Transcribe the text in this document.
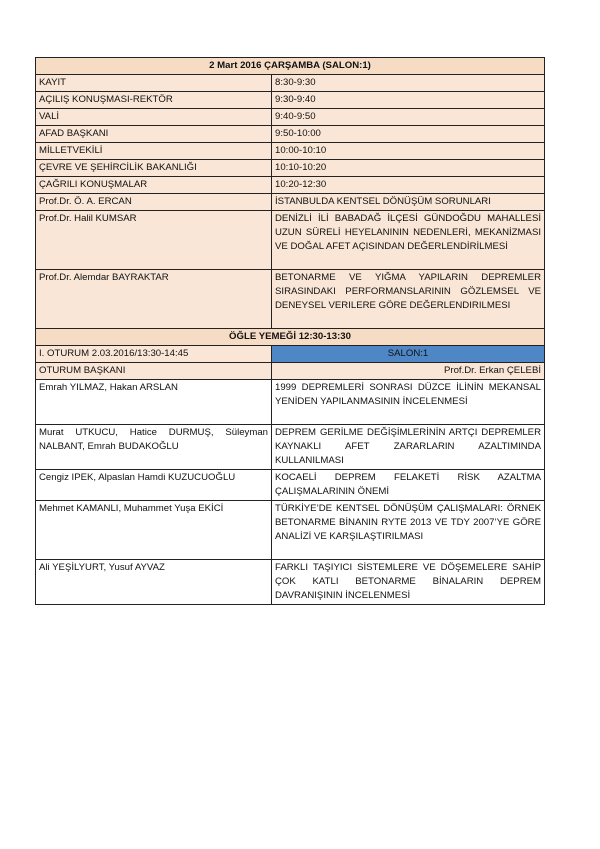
2 Mart 2016 ÇARŞAMBA (SALON:1)	
KAYIT	8:30-9:30
AÇILIŞ KONUŞMASI-REKTÖR	9:30-9:40
VALİ	9:40-9:50
AFAD BAŞKANI	9:50-10:00
MİLLETVEKİLİ	10:00-10:10
ÇEVRE VE ŞEHİRCİLİK BAKANLIĞI	10:10-10:20
ÇAĞRILI KONUŞMALAR	10:20-12:30
Prof.Dr. Ö. A. ERCAN	İSTANBULDA KENTSEL DÖNÜŞÜM SORUNLARI
Prof.Dr. Halil KUMSAR	DENİZLİ İLİ BABADAĞ İLÇESİ GÜNDOĞDU MAHALLESİ UZUN SÜRELİ HEYELANININ NEDENLERİ, MEKANİZMASI VE DOĞAL AFET AÇISINDAN DEĞERLENDİRİLMESİ
Prof.Dr. Alemdar BAYRAKTAR	BETONARME VE YIĞMA YAPILARIN DEPREMLER SIRASINDAKI PERFORMANSLARININ GÖZLEMSEL VE DENEYSEL VERILERE GÖRE DEĞERLENDIRILMESI
ÖĞLE YEMEĞİ 12:30-13:30	
I. OTURUM 2.03.2016/13:30-14:45	SALON:1
OTURUM BAŞKANI	Prof.Dr. Erkan ÇELEBİ
Emrah YILMAZ, Hakan ARSLAN	1999 DEPREMLERİ SONRASI DÜZCE İLİNİN MEKANSAL YENİDEN YAPILANMASININ İNCELENMESİ
Murat UTKUCU, Hatice DURMUŞ, Süleyman NALBANT, Emrah BUDAKOĞLU	DEPREM GERİLME DEĞİŞİMLERİNİN ARTÇI DEPREMLER KAYNAKLI AFET ZARARLARIN AZALTIMINDA KULLANILMASI
Cengiz IPEK, Alpaslan Hamdi KUZUCUOĞLU	KOCAELİ DEPREM FELAKETİ RİSK AZALTMA ÇALIŞMALARININ ÖNEMİ
Mehmet KAMANLI, Muhammet Yuşa EKİCİ	TÜRKİYE’DE KENTSEL DÖNÜŞÜM ÇALIŞMALARI: ÖRNEK BETONARME BİNANIN RYTE 2013 VE TDY 2007’YE GÖRE ANALİZİ VE KARŞILAŞTIRILMASI
Ali YEŞİLYURT, Yusuf AYVAZ	FARKLI TAŞIYICI SİSTEMLERE VE DÖŞEMELERE SAHİP ÇOK KATLI BETONARME BİNALARIN DEPREM DAVRANIŞININ İNCELENMESİ
